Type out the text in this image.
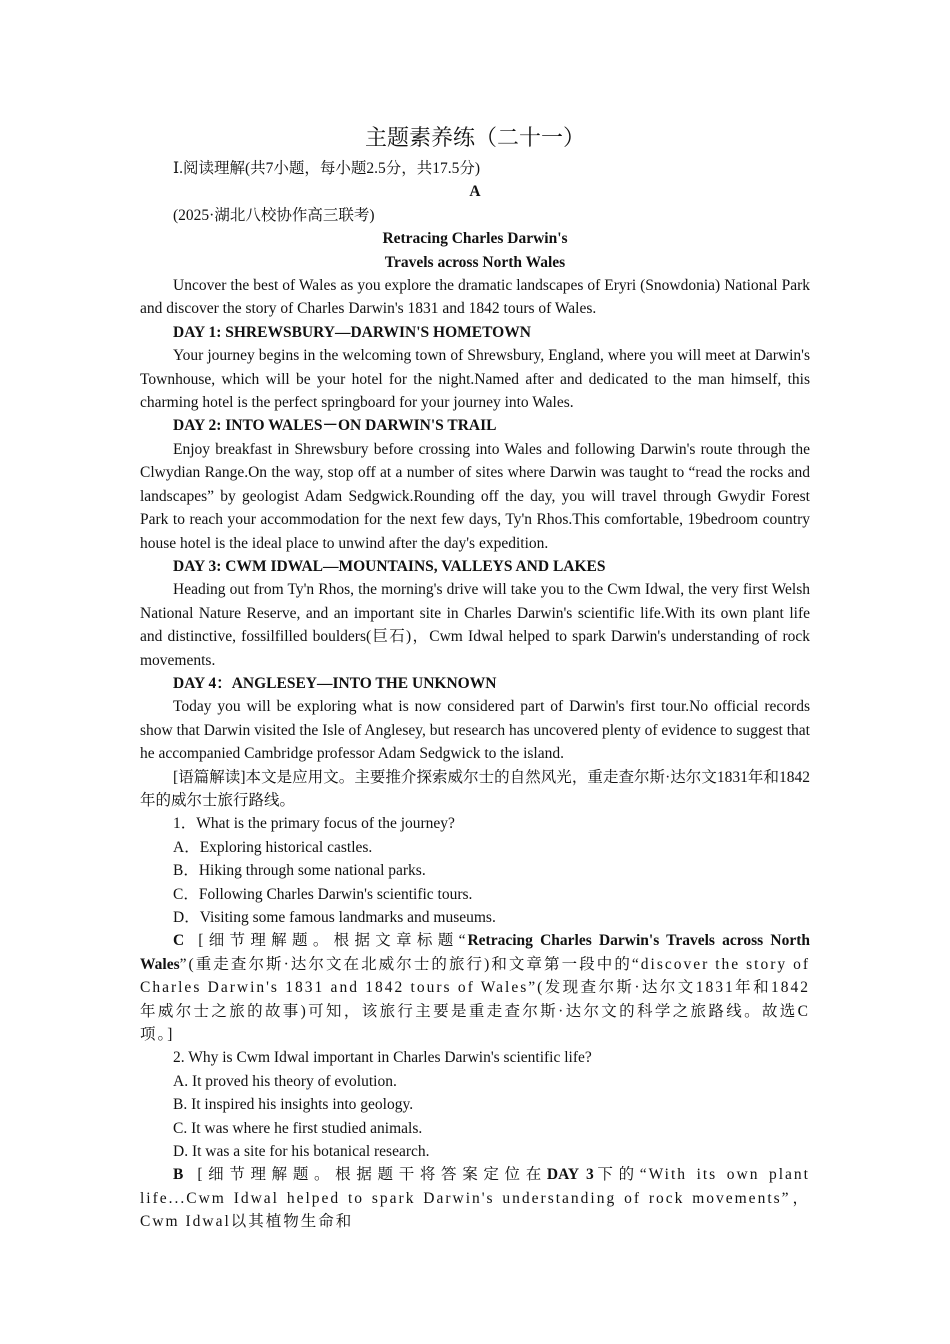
主题素养练（二十一）

Ⅰ.阅读理解(共7小题，每小题2.5分，共17.5分)

A

(2025·湖北八校协作高三联考)

Retracing Charles Darwin's

Travels across North Wales

Uncover the best of Wales as you explore the dramatic landscapes of Eryri (Snowdonia) National Park and discover the story of Charles Darwin's 1831 and 1842 tours of Wales.

DAY 1: SHREWSBURY—DARWIN'S HOMETOWN

Your journey begins in the welcoming town of Shrewsbury, England, where you will meet at Darwin's Townhouse, which will be your hotel for the night.Named after and dedicated to the man himself, this charming hotel is the perfect springboard for your journey into Wales.

DAY 2: INTO WALES－ON DARWIN'S TRAIL

Enjoy breakfast in Shrewsbury before crossing into Wales and following Darwin's route through the Clwydian Range.On the way, stop off at a number of sites where Darwin was taught to “read the rocks and landscapes” by geologist Adam Sedgwick.Rounding off the day, you will travel through Gwydir Forest Park to reach your accommodation for the next few days, Ty'n Rhos.This comfortable, 19bedroom country house hotel is the ideal place to unwind after the day's expedition.

DAY 3: CWM IDWAL—MOUNTAINS, VALLEYS AND LAKES

Heading out from Ty'n Rhos, the morning's drive will take you to the Cwm Idwal, the very first Welsh National Nature Reserve, and an important site in Charles Darwin's scientific life.With its own plant life and distinctive, fossilfilled boulders(巨石)，Cwm Idwal helped to spark Darwin's understanding of rock movements.

DAY 4：ANGLESEY—INTO THE UNKNOWN

Today you will be exploring what is now considered part of Darwin's first tour.No official records show that Darwin visited the Isle of Anglesey, but research has uncovered plenty of evidence to suggest that he accompanied Cambridge professor Adam Sedgwick to the island.

[语篇解读]本文是应用文。主要推介探索威尔士的自然风光，重走查尔斯·达尔文1831年和1842年的威尔士旅行路线。

1．What is the primary focus of the journey?

A．Exploring historical castles.

B．Hiking through some national parks.

C．Following Charles Darwin's scientific tours.

D．Visiting some famous landmarks and museums.

C [细节理解题。根据文章标题“Retracing Charles Darwin's Travels across North Wales”(重走查尔斯·达尔文在北威尔士的旅行)和文章第一段中的“discover the story of Charles Darwin's 1831 and 1842 tours of Wales”(发现查尔斯·达尔文1831年和1842年威尔士之旅的故事)可知，该旅行主要是重走查尔斯·达尔文的科学之旅路线。故选C项。]

2. Why is Cwm Idwal important in Charles Darwin's scientific life?

A. It proved his theory of evolution.

B. It inspired his insights into geology.

C. It was where he first studied animals.

D. It was a site for his botanical research.

B [细节理解题。根据题干将答案定位在DAY 3下的“With its own plant life...Cwm Idwal helped to spark Darwin's understanding of rock movements”，Cwm Idwal以其植物生命和
